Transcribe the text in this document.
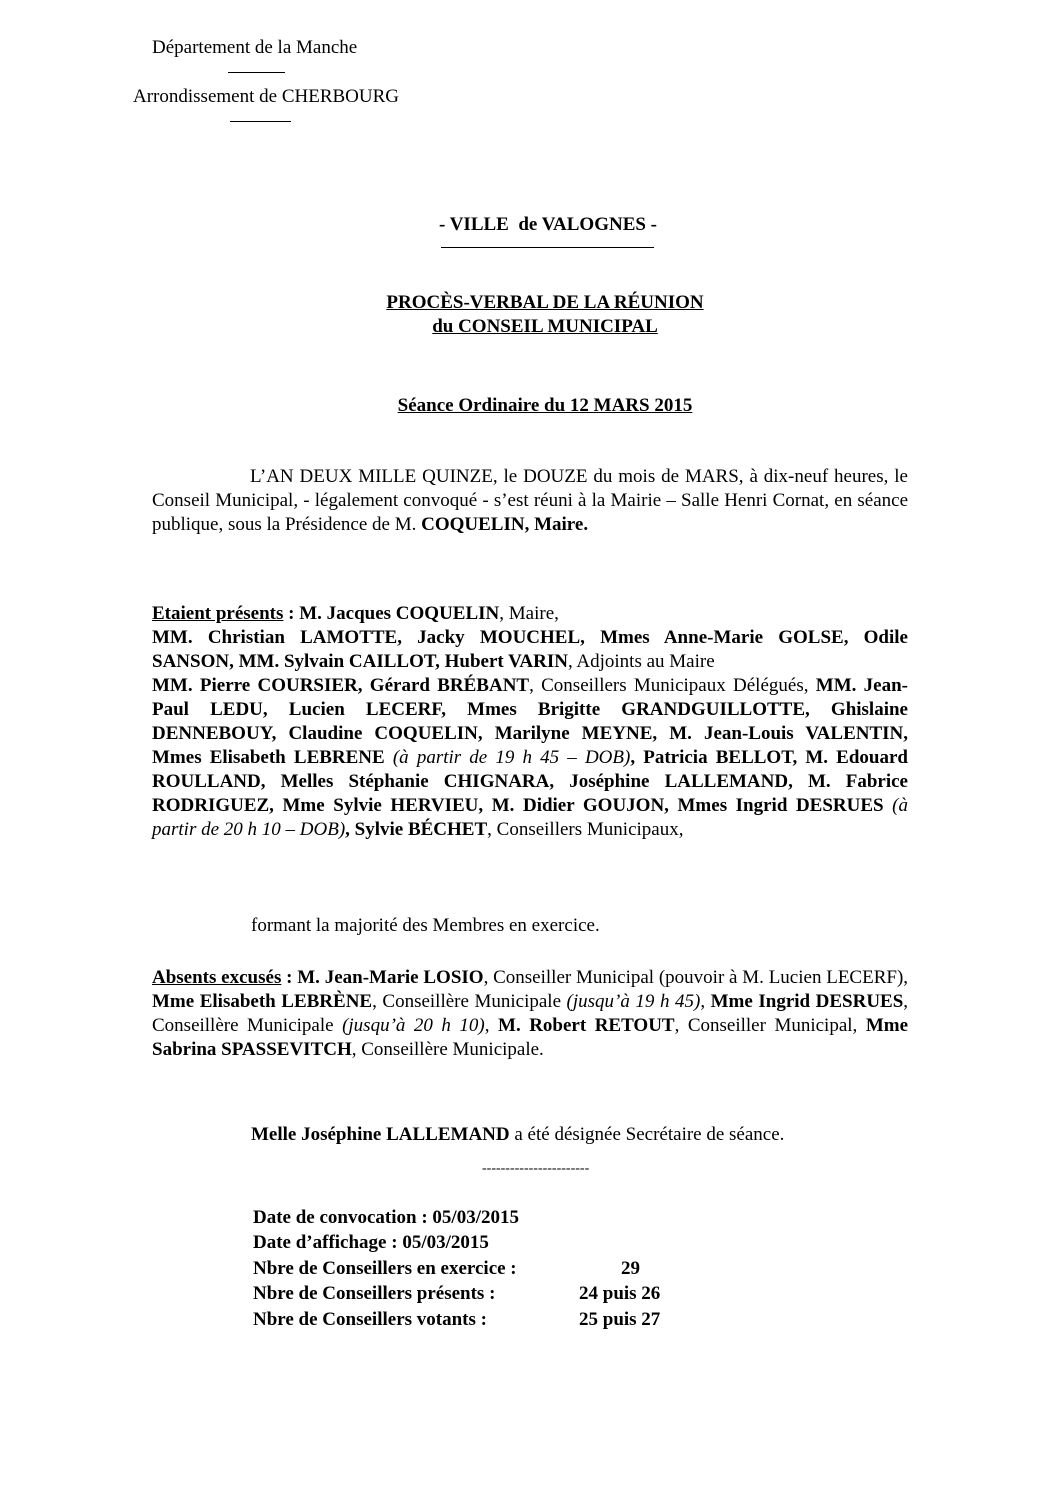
Département de la Manche
Arrondissement de CHERBOURG
- VILLE  de VALOGNES -
PROCÈS-VERBAL DE LA RÉUNION
du CONSEIL MUNICIPAL
Séance Ordinaire du 12 MARS 2015
L’AN DEUX MILLE QUINZE, le DOUZE du mois de MARS, à dix-neuf heures, le Conseil Municipal, - légalement convoqué - s’est réuni à la Mairie – Salle Henri Cornat, en séance publique, sous la Présidence de M. COQUELIN, Maire.
Etaient présents : M. Jacques COQUELIN, Maire,
MM. Christian LAMOTTE, Jacky MOUCHEL, Mmes Anne-Marie GOLSE, Odile SANSON, MM. Sylvain CAILLOT, Hubert VARIN, Adjoints au Maire
MM. Pierre COURSIER, Gérard BRÉBANT, Conseillers Municipaux Délégués, MM. Jean-Paul LEDU, Lucien LECERF, Mmes Brigitte GRANDGUILLOTTE, Ghislaine DENNEBOUY, Claudine COQUELIN, Marilyne MEYNE, M. Jean-Louis VALENTIN, Mmes Elisabeth LEBRENE (à partir de 19 h 45 – DOB), Patricia BELLOT, M. Edouard ROULLAND, Melles Stéphanie CHIGNARA, Joséphine LALLEMAND, M. Fabrice RODRIGUEZ, Mme Sylvie HERVIEU, M. Didier GOUJON, Mmes Ingrid DESRUES (à partir de 20 h 10 – DOB), Sylvie BÉCHET, Conseillers Municipaux,
formant la majorité des Membres en exercice.
Absents excusés : M. Jean-Marie LOSIO, Conseiller Municipal (pouvoir à M. Lucien LECERF), Mme Elisabeth LEBRÈNE, Conseillère Municipale (jusqu’à 19 h 45), Mme Ingrid DESRUES, Conseillère Municipale (jusqu’à 20 h 10), M. Robert RETOUT, Conseiller Municipal, Mme Sabrina SPASSEVITCH, Conseillère Municipale.
Melle Joséphine LALLEMAND a été désignée Secrétaire de séance.
-----------------------
Date de convocation : 05/03/2015
Date d’affichage : 05/03/2015
Nbre de Conseillers en exercice :	29
Nbre de Conseillers présents :	24 puis 26
Nbre de Conseillers votants :	25 puis 27
